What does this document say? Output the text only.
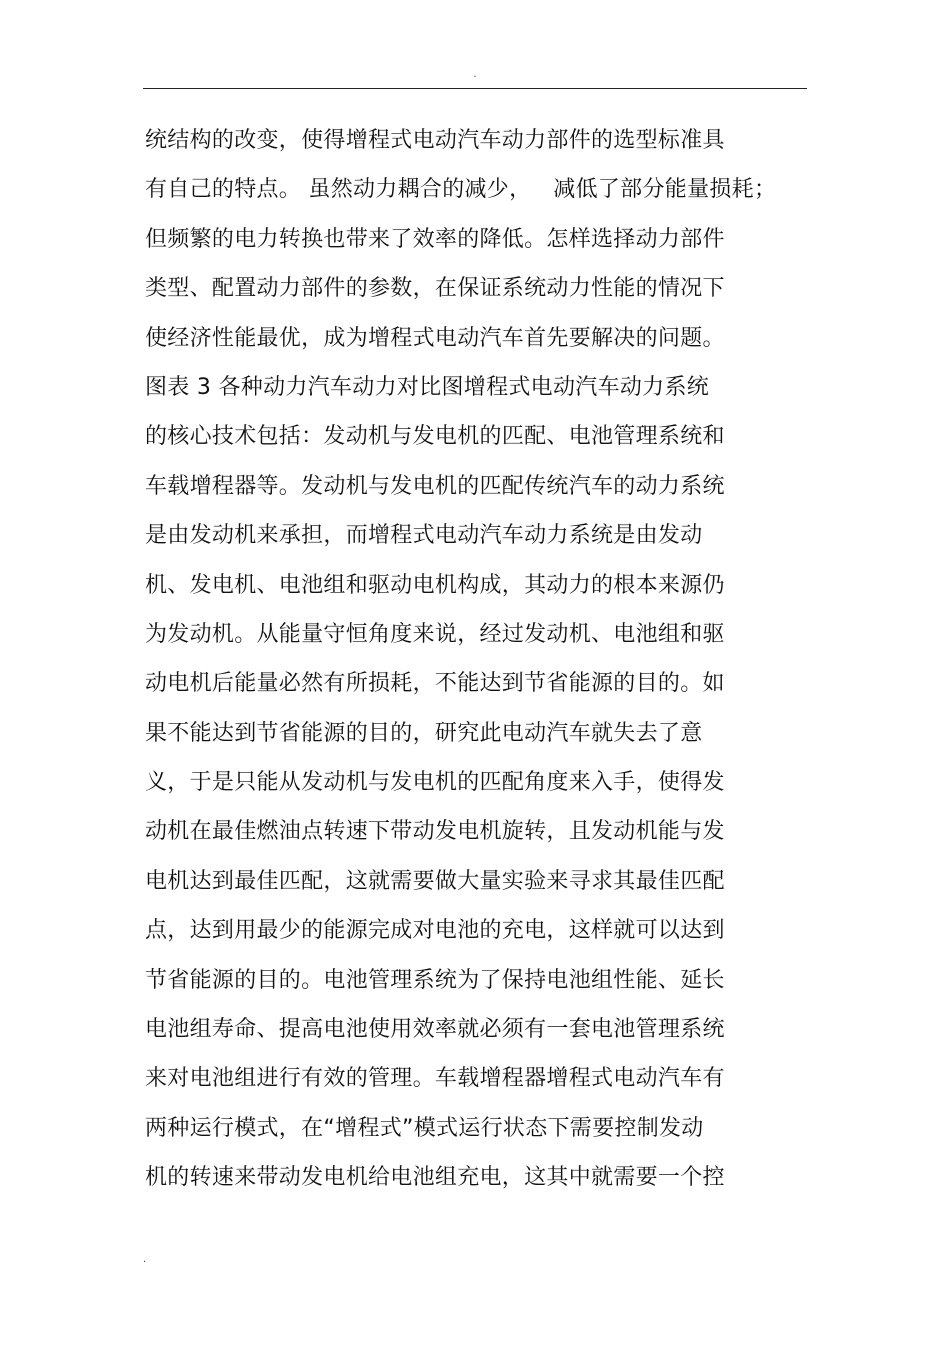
.
统结构的改变，使得增程式电动汽车动力部件的选型标准具
有自己的特点。 虽然动力耦合的减少，   减低了部分能量损耗；
但频繁的电力转换也带来了效率的降低。怎样选择动力部件
类型、配置动力部件的参数，在保证系统动力性能的情况下
使经济性能最优，成为增程式电动汽车首先要解决的问题。
图表 3 各种动力汽车动力对比图增程式电动汽车动力系统
的核心技术包括：发动机与发电机的匹配、电池管理系统和
车载增程器等。发动机与发电机的匹配传统汽车的动力系统
是由发动机来承担，而增程式电动汽车动力系统是由发动
机、发电机、电池组和驱动电机构成，其动力的根本来源仍
为发动机。从能量守恒角度来说，经过发动机、电池组和驱
动电机后能量必然有所损耗，不能达到节省能源的目的。如
果不能达到节省能源的目的，研究此电动汽车就失去了意
义，于是只能从发动机与发电机的匹配角度来入手，使得发
动机在最佳燃油点转速下带动发电机旋转，且发动机能与发
电机达到最佳匹配，这就需要做大量实验来寻求其最佳匹配
点，达到用最少的能源完成对电池的充电，这样就可以达到
节省能源的目的。电池管理系统为了保持电池组性能、延长
电池组寿命、提高电池使用效率就必须有一套电池管理系统
来对电池组进行有效的管理。车载增程器增程式电动汽车有
两种运行模式，在“增程式”模式运行状态下需要控制发动
机的转速来带动发电机给电池组充电，这其中就需要一个控
.
